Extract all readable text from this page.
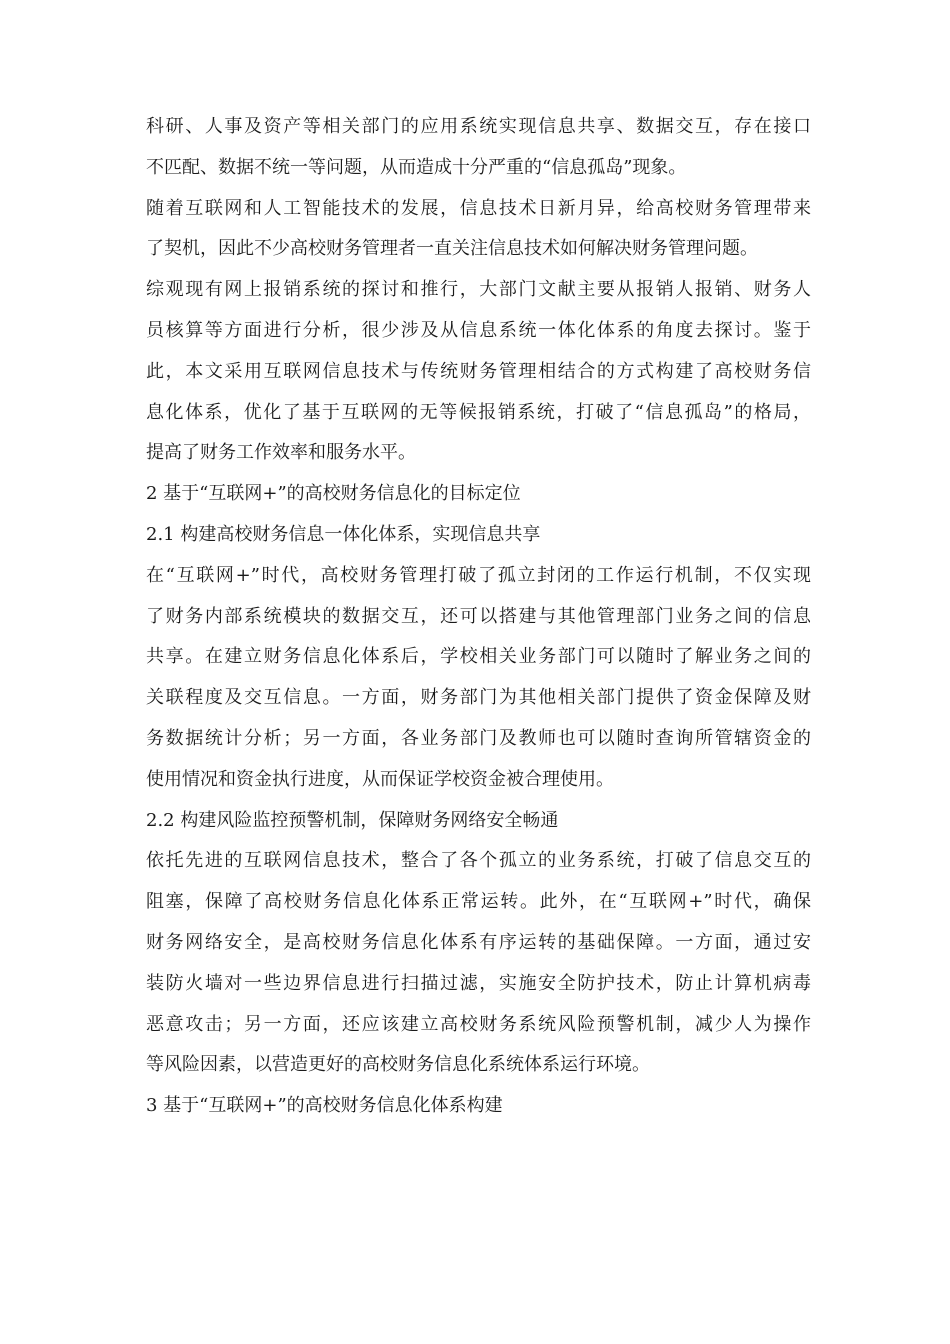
科研、人事及资产等相关部门的应用系统实现信息共享、数据交互，存在接口
不匹配、数据不统一等问题，从而造成十分严重的“信息孤岛”现象。
随着互联网和人工智能技术的发展，信息技术日新月异，给高校财务管理带来
了契机，因此不少高校财务管理者一直关注信息技术如何解决财务管理问题。
综观现有网上报销系统的探讨和推行，大部门文献主要从报销人报销、财务人
员核算等方面进行分析，很少涉及从信息系统一体化体系的角度去探讨。鉴于
此，本文采用互联网信息技术与传统财务管理相结合的方式构建了高校财务信
息化体系，优化了基于互联网的无等候报销系统，打破了“信息孤岛”的格局，
提高了财务工作效率和服务水平。
2 基于“互联网+”的高校财务信息化的目标定位
2.1 构建高校财务信息一体化体系，实现信息共享
在“互联网+”时代，高校财务管理打破了孤立封闭的工作运行机制，不仅实现
了财务内部系统模块的数据交互，还可以搭建与其他管理部门业务之间的信息
共享。在建立财务信息化体系后，学校相关业务部门可以随时了解业务之间的
关联程度及交互信息。一方面，财务部门为其他相关部门提供了资金保障及财
务数据统计分析；另一方面，各业务部门及教师也可以随时查询所管辖资金的
使用情况和资金执行进度，从而保证学校资金被合理使用。
2.2 构建风险监控预警机制，保障财务网络安全畅通
依托先进的互联网信息技术，整合了各个孤立的业务系统，打破了信息交互的
阻塞，保障了高校财务信息化体系正常运转。此外，在“互联网+”时代，确保
财务网络安全，是高校财务信息化体系有序运转的基础保障。一方面，通过安
装防火墙对一些边界信息进行扫描过滤，实施安全防护技术，防止计算机病毒
恶意攻击；另一方面，还应该建立高校财务系统风险预警机制，减少人为操作
等风险因素，以营造更好的高校财务信息化系统体系运行环境。
3 基于“互联网+”的高校财务信息化体系构建
